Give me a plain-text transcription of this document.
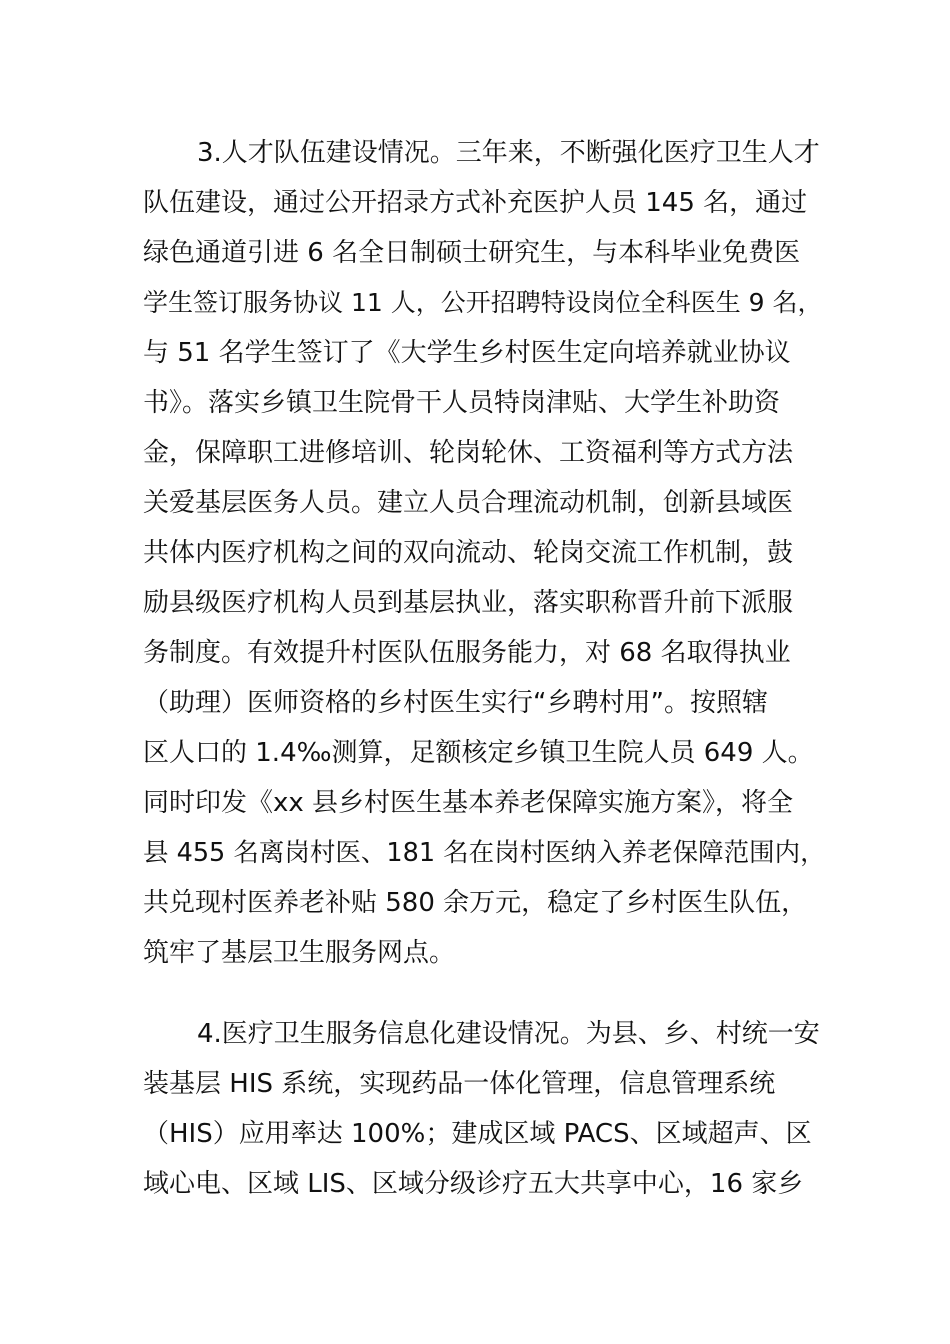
3.人才队伍建设情况。三年来，不断强化医疗卫生人才
队伍建设，通过公开招录方式补充医护人员 145 名，通过
绿色通道引进 6 名全日制硕士研究生，与本科毕业免费医
学生签订服务协议 11 人，公开招聘特设岗位全科医生 9 名，
与 51 名学生签订了《大学生乡村医生定向培养就业协议
书》。落实乡镇卫生院骨干人员特岗津贴、大学生补助资
金，保障职工进修培训、轮岗轮休、工资福利等方式方法
关爱基层医务人员。建立人员合理流动机制，创新县域医
共体内医疗机构之间的双向流动、轮岗交流工作机制，鼓
励县级医疗机构人员到基层执业，落实职称晋升前下派服
务制度。有效提升村医队伍服务能力，对 68 名取得执业
（助理）医师资格的乡村医生实行“乡聘村用”。按照辖
区人口的 1.4‰测算，足额核定乡镇卫生院人员 649 人。
同时印发《xx 县乡村医生基本养老保障实施方案》，将全
县 455 名离岗村医、181 名在岗村医纳入养老保障范围内，
共兑现村医养老补贴 580 余万元，稳定了乡村医生队伍，
筑牢了基层卫生服务网点。
4.医疗卫生服务信息化建设情况。为县、乡、村统一安
装基层 HIS 系统，实现药品一体化管理，信息管理系统
（HIS）应用率达 100%；建成区域 PACS、区域超声、区
域心电、区域 LIS、区域分级诊疗五大共享中心，16 家乡
